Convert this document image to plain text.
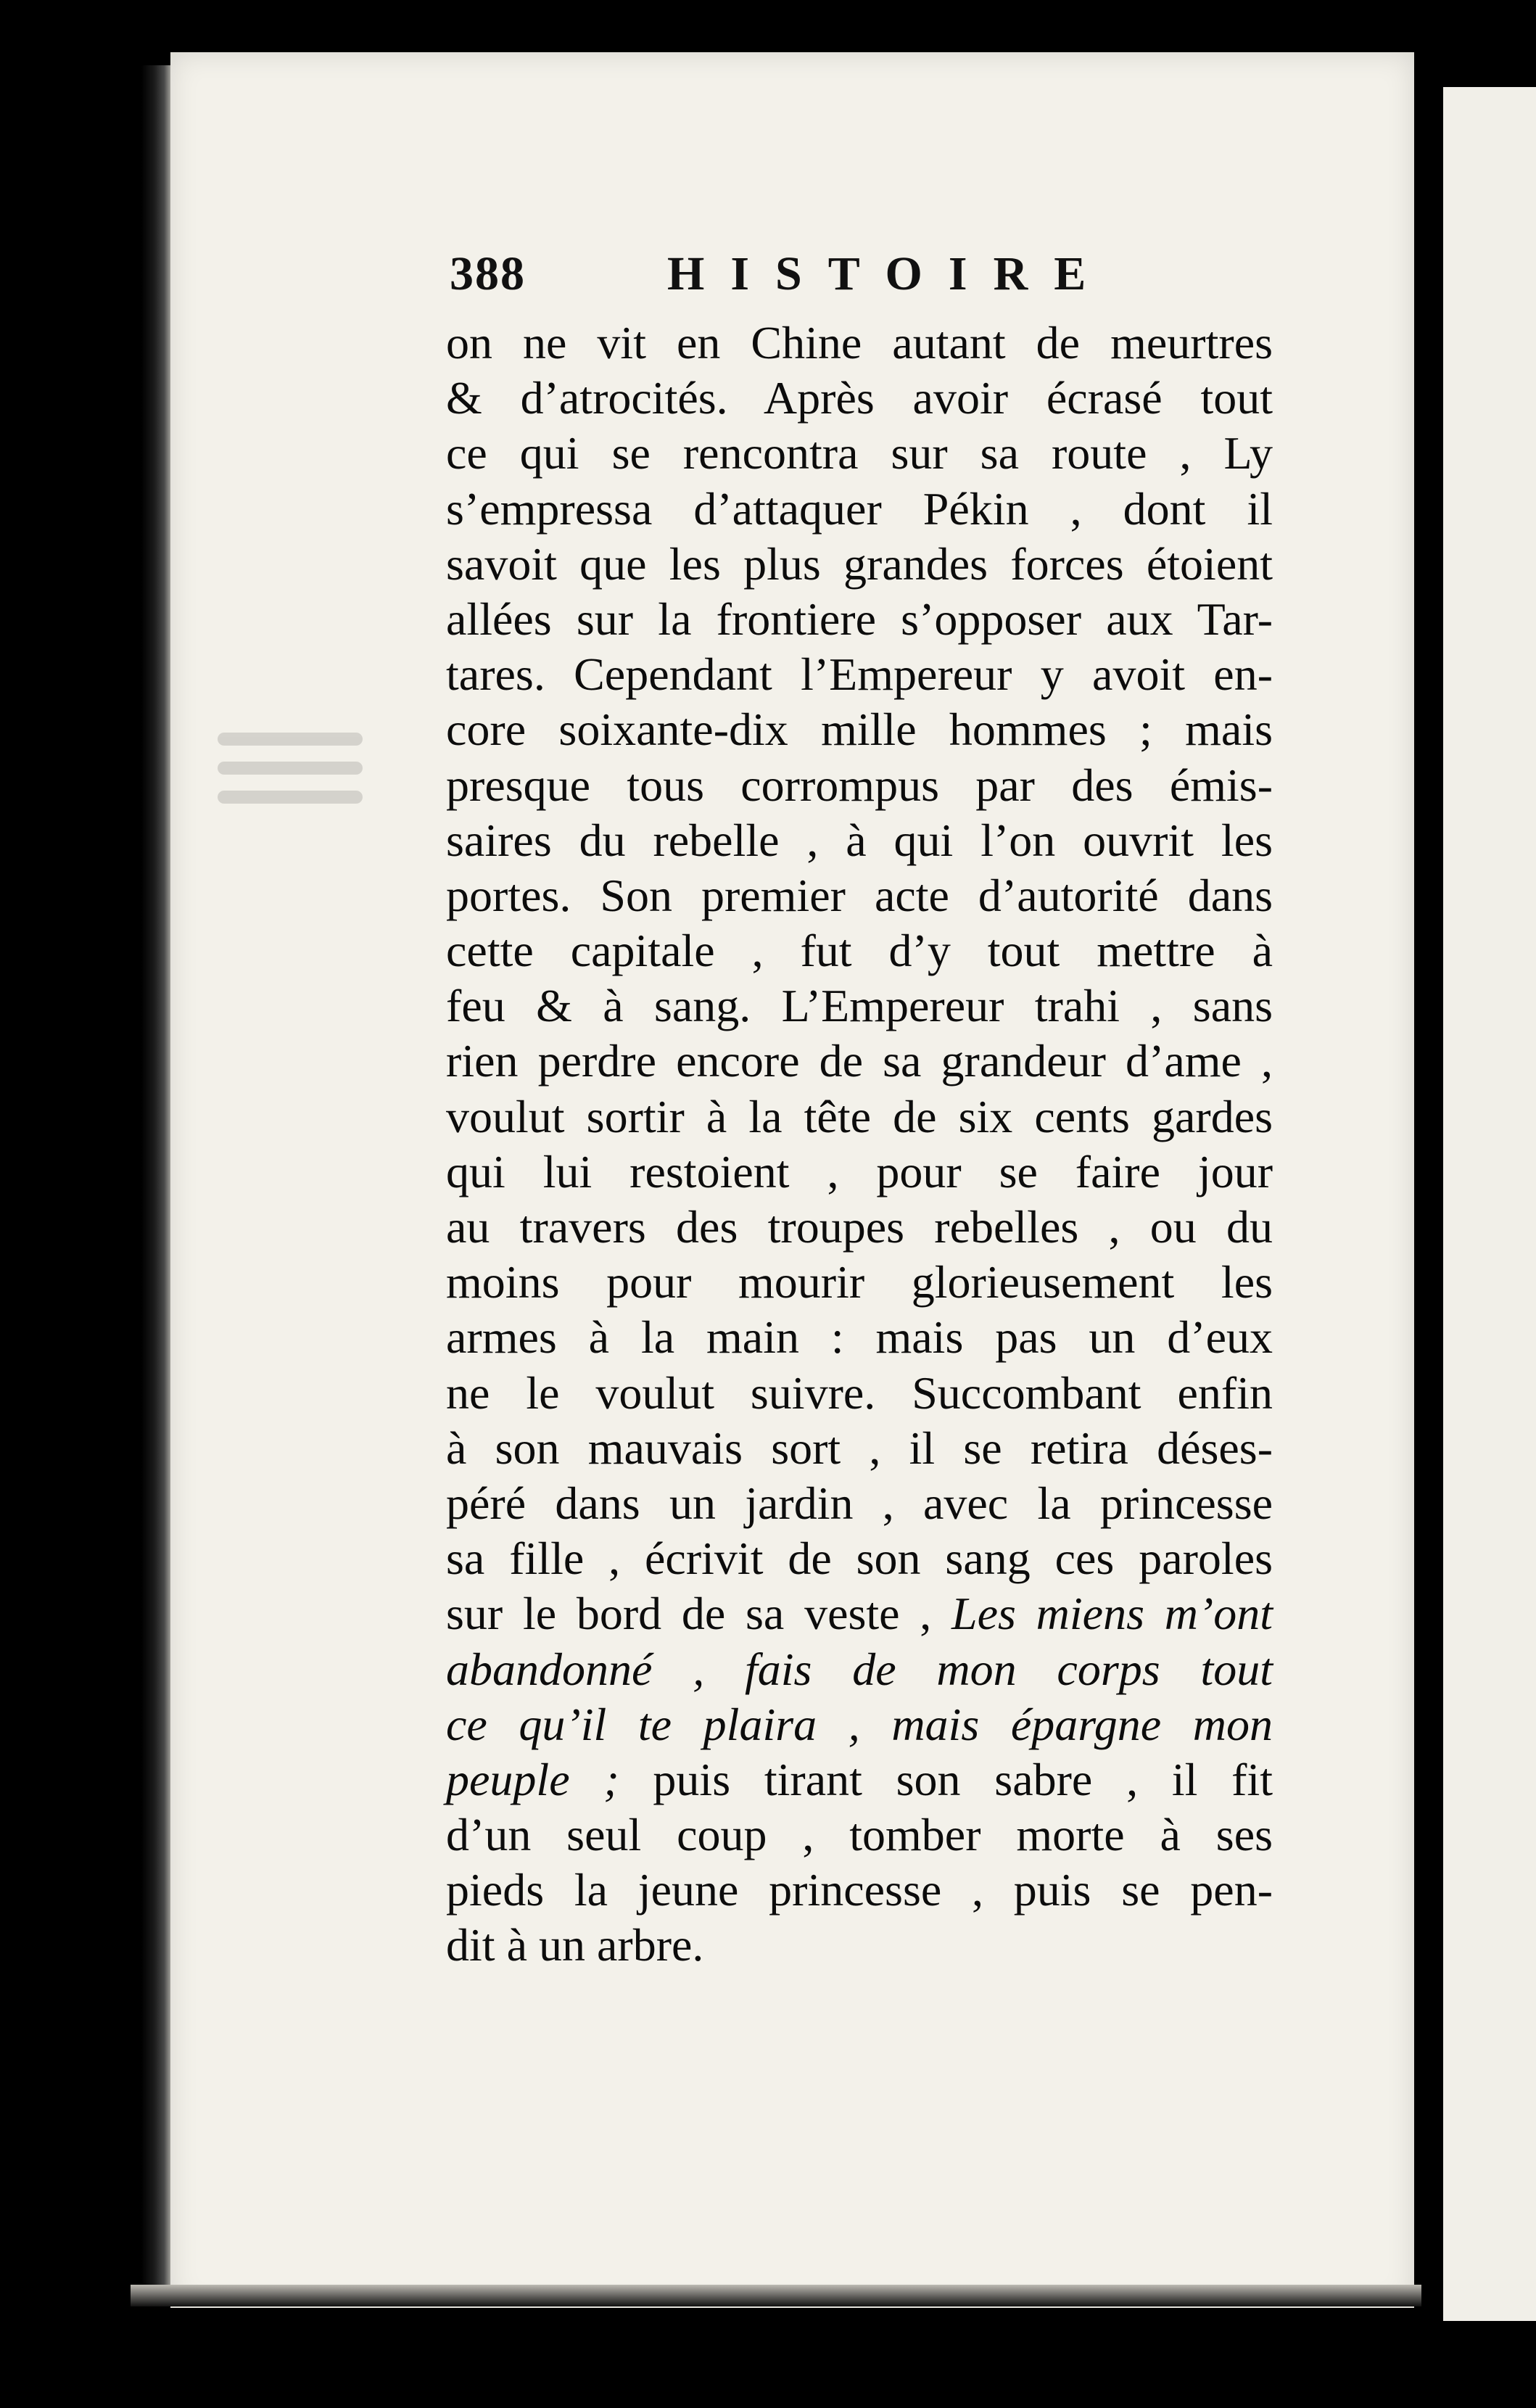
388	HISTOIRE
on ne vit en Chine autant de meurtres
& d’atrocités. Après avoir écrasé tout
ce qui se rencontra sur sa route , Ly
s’empressa d’attaquer Pékin , dont il
savoit que les plus grandes forces étoient
allées sur la frontiere s’opposer aux Tar-
tares. Cependant l’Empereur y avoit en-
core soixante-dix mille hommes ; mais
presque tous corrompus par des émis-
saires du rebelle , à qui l’on ouvrit les
portes. Son premier acte d’autorité dans
cette capitale , fut d’y tout mettre à
feu & à sang. L’Empereur trahi , sans
rien perdre encore de sa grandeur d’ame ,
voulut sortir à la tête de six cents gardes
qui lui restoient , pour se faire jour
au travers des troupes rebelles , ou du
moins pour mourir glorieusement les
armes à la main : mais pas un d’eux
ne le voulut suivre. Succombant enfin
à son mauvais sort , il se retira déses-
péré dans un jardin , avec la princesse
sa fille , écrivit de son sang ces paroles
sur le bord de sa veste , Les miens m’ont
abandonné , fais de mon corps tout
ce qu’il te plaira , mais épargne mon
peuple ; puis tirant son sabre , il fit
d’un seul coup , tomber morte à ses
pieds la jeune princesse , puis se pen-
dit à un arbre.
